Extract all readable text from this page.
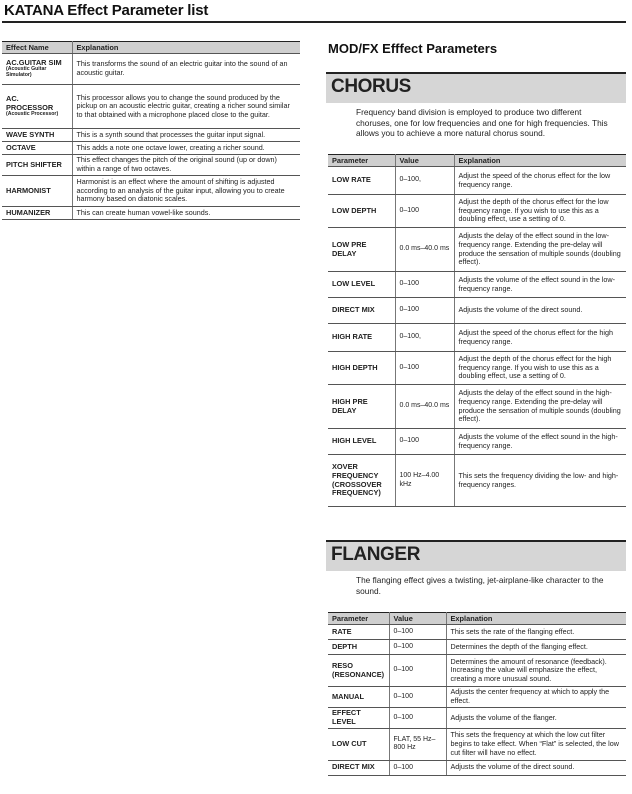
KATANA Effect Parameter list
Effect Name	Explanation
AC.GUITAR SIM
(Acoustic Guitar Simulator)	This transforms the sound of an electric guitar into the sound of an acoustic guitar.
AC. PROCESSOR
(Acoustic Processor)	This processor allows you to change the sound produced by the pickup on an acoustic electric guitar, creating a richer sound similar to that obtained with a microphone placed close to the guitar.
WAVE SYNTH	This is a synth sound that processes the guitar input signal.
OCTAVE	This adds a note one octave lower, creating a richer sound.
PITCH SHIFTER	This effect changes the pitch of the original sound (up or down) within a range of two octaves.
HARMONIST	Harmonist is an effect where the amount of shifting is adjusted according to an analysis of the guitar input, allowing you to create harmony based on diatonic scales.
HUMANIZER	This can create human vowel-like sounds.
MOD/FX Efffect Parameters
CHORUS
Frequency band division is employed to produce two different choruses, one for low frequencies and one for high frequencies. This allows you to achieve a more natural chorus sound.
Parameter	Value	Explanation
LOW RATE	0–100,	Adjust the speed of the chorus effect for the low frequency range.
LOW DEPTH	0–100	Adjust the depth of the chorus effect for the low frequency range. If you wish to use this as a doubling effect, use a setting of 0.
LOW PRE DELAY	0.0 ms–40.0 ms	Adjusts the delay of the effect sound in the low-frequency range. Extending the pre-delay will produce the sensation of multiple sounds (doubling effect).
LOW LEVEL	0–100	Adjusts the volume of the effect sound in the low-frequency range.
DIRECT MIX	0–100	Adjusts the volume of the direct sound.
HIGH RATE	0–100,	Adjust the speed of the chorus effect for the high frequency range.
HIGH DEPTH	0–100	Adjust the depth of the chorus effect for the high frequency range. If you wish to use this as a doubling effect, use a setting of 0.
HIGH PRE DELAY	0.0 ms–40.0 ms	Adjusts the delay of the effect sound in the high-frequency range. Extending the pre-delay will produce the sensation of multiple sounds (doubling effect).
HIGH LEVEL	0–100	Adjusts the volume of the effect sound in the high-frequency range.
XOVER FREQUENCY (CROSSOVER FREQUENCY)	100 Hz–4.00 kHz	This sets the frequency dividing the low- and high-frequency ranges.
FLANGER
The flanging effect gives a twisting, jet-airplane-like character to the sound.
Parameter	Value	Explanation
RATE	0–100	This sets the rate of the flanging effect.
DEPTH	0–100	Determines the depth of the flanging effect.
RESO (RESONANCE)	0–100	Determines the amount of resonance (feedback). Increasing the value will emphasize the effect, creating a more unusual sound.
MANUAL	0–100	Adjusts the center frequency at which to apply the effect.
EFFECT LEVEL	0–100	Adjusts the volume of the flanger.
LOW CUT	FLAT, 55 Hz–800 Hz	This sets the frequency at which the low cut filter begins to take effect. When “Flat” is selected, the low cut filter will have no effect.
DIRECT MIX	0–100	Adjusts the volume of the direct sound.
